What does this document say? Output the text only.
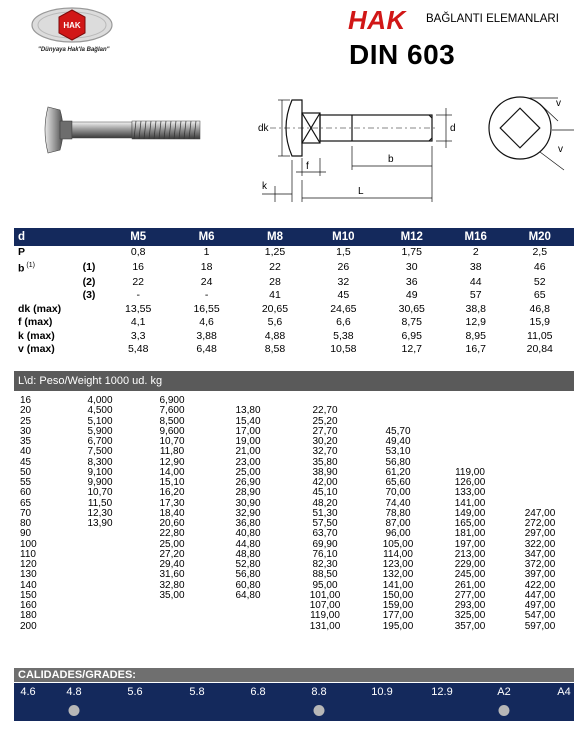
HAK
"Dünyaya Hak'la Bağlan"
HAK BAĞLANTI ELEMANLARI
DIN 603
dk	d
f
b
k	L
v
v
d		M5	M6	M8	M10	M12	M16	M20
P		0,8	1	1,25	1,5	1,75	2	2,5
b $^{(1)}$	(1)	16	18	22	26	30	38	46
	(2)	22	24	28	32	36	44	52
	(3)	-	-	41	45	49	57	65
dk (max)		13,55	16,55	20,65	24,65	30,65	38,8	46,8
f (max)		4,1	4,6	5,6	6,6	8,75	12,9	15,9
k (max)		3,3	3,88	4,88	5,38	6,95	8,95	11,05
v (max)		5,48	6,48	8,58	10,58	12,7	16,7	20,84
L\d: Peso/Weight 1000 ud. kg
16	4,000	6,900					
20	4,500	7,600	13,80	22,70			
25	5,100	8,500	15,40	25,20			
30	5,900	9,600	17,00	27,70	45,70		
35	6,700	10,70	19,00	30,20	49,40		
40	7,500	11,80	21,00	32,70	53,10		
45	8,300	12,90	23,00	35,80	56,80		
50	9,100	14,00	25,00	38,90	61,20	119,00	
55	9,900	15,10	26,90	42,00	65,60	126,00	
60	10,70	16,20	28,90	45,10	70,00	133,00	
65	11,50	17,30	30,90	48,20	74,40	141,00	
70	12,30	18,40	32,90	51,30	78,80	149,00	247,00
80	13,90	20,60	36,80	57,50	87,00	165,00	272,00
90		22,80	40,80	63,70	96,00	181,00	297,00
100		25,00	44,80	69,90	105,00	197,00	322,00
110		27,20	48,80	76,10	114,00	213,00	347,00
120		29,40	52,80	82,30	123,00	229,00	372,00
130		31,60	56,80	88,50	132,00	245,00	397,00
140		32,80	60,80	95,00	141,00	261,00	422,00
150		35,00	64,80	101,00	150,00	277,00	447,00
160				107,00	159,00	293,00	497,00
180				119,00	177,00	325,00	547,00
200				131,00	195,00	357,00	597,00
CALIDADES/GRADES:
4.6	4.8	5.6	5.8	6.8	8.8	10.9	12.9	A2	A4
